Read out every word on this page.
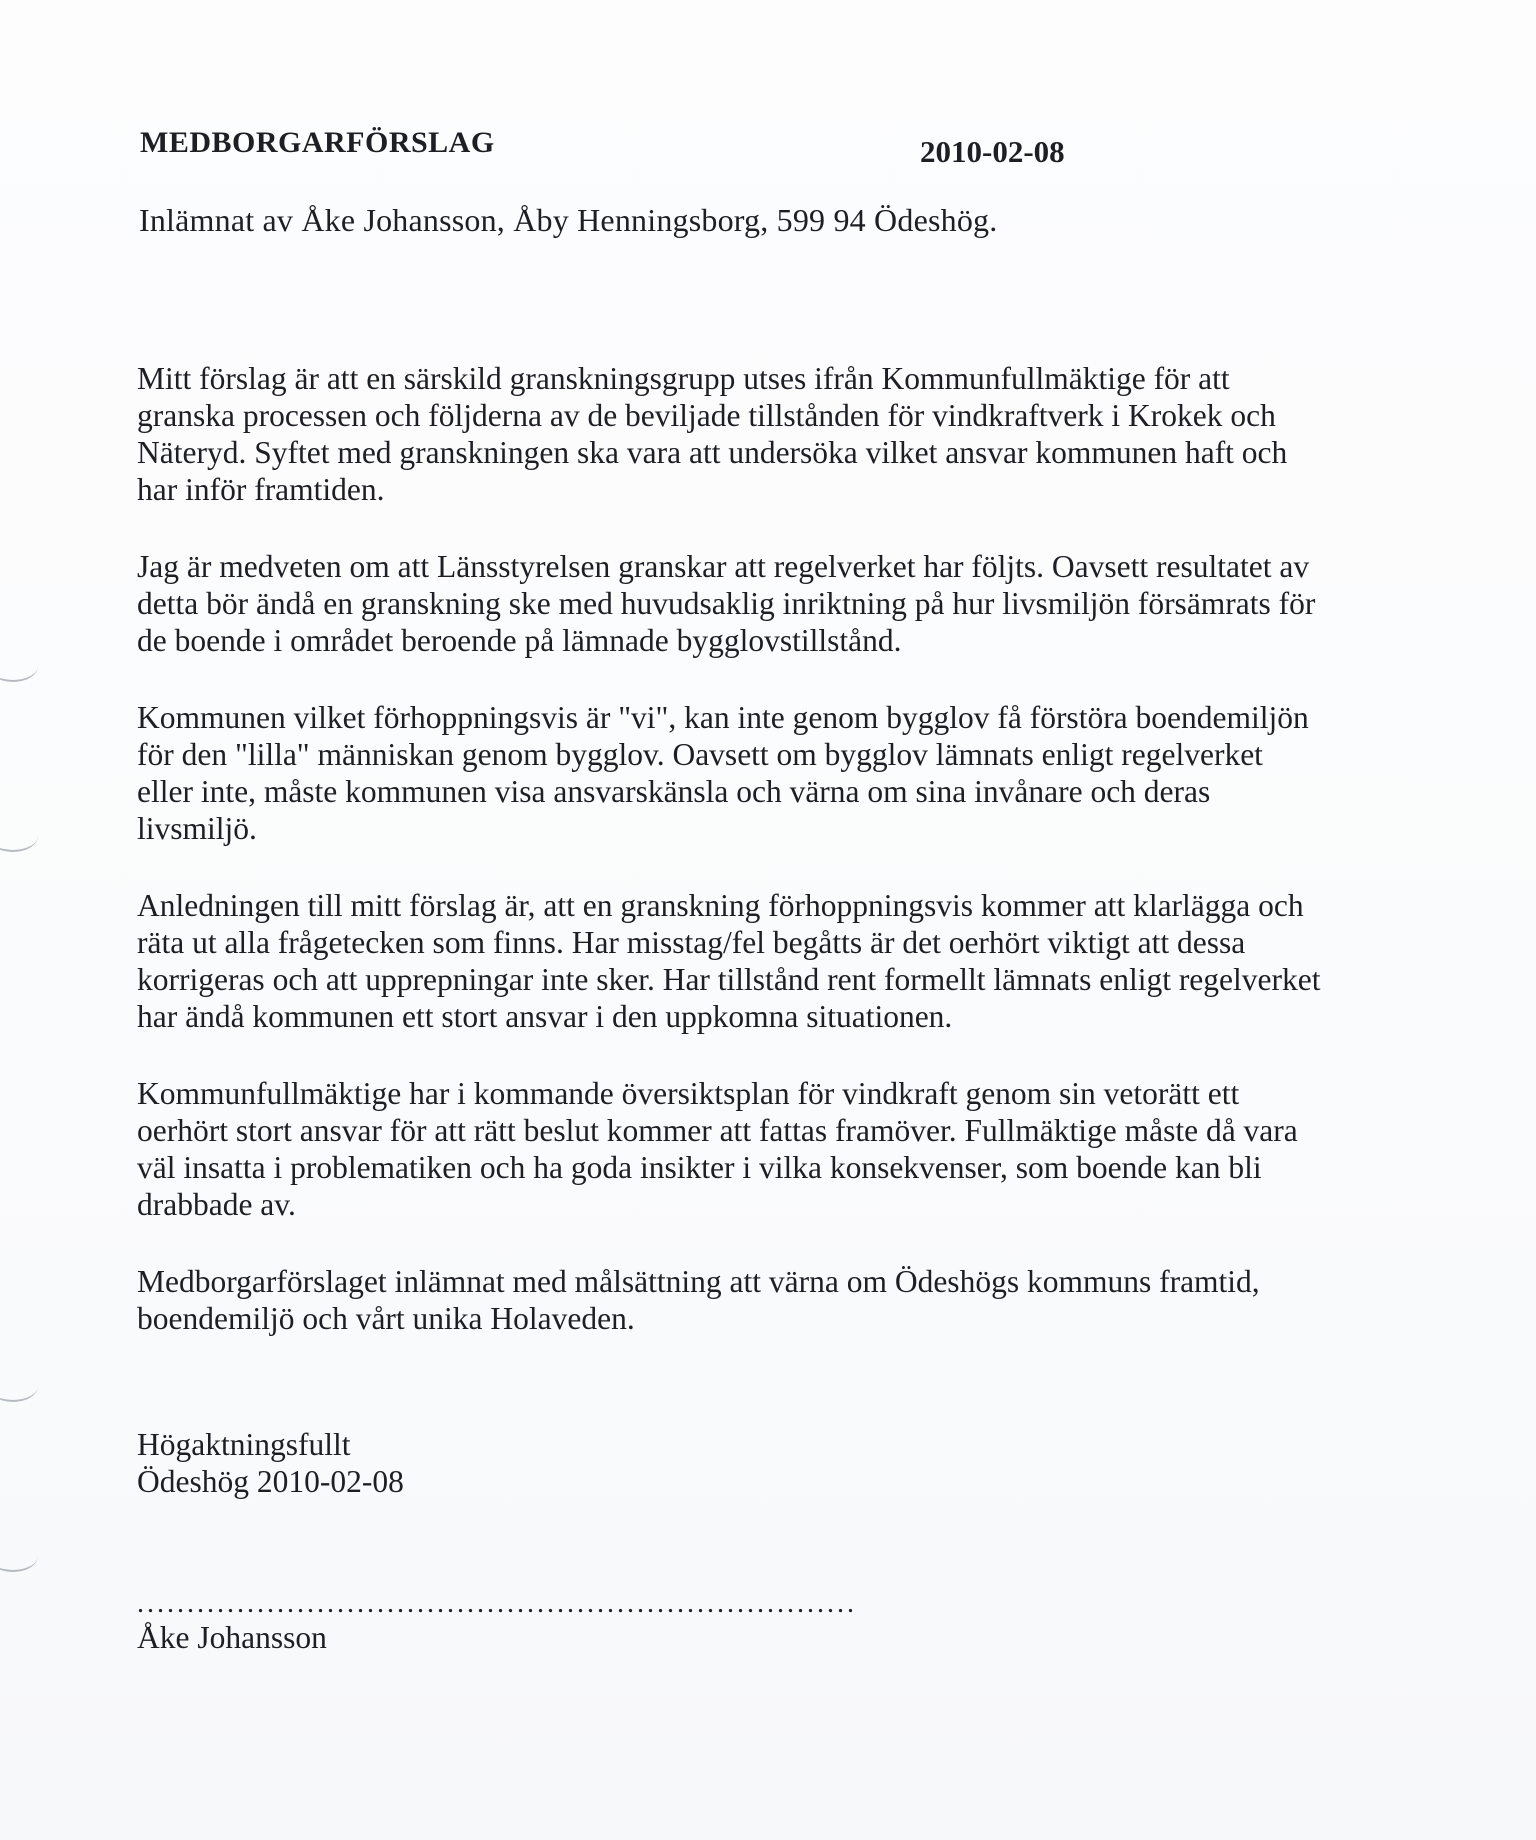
MEDBORGARFÖRSLAG	2010-02-08
Inlämnat av Åke Johansson, Åby Henningsborg, 599 94 Ödeshög.

Mitt förslag är att en särskild granskningsgrupp utses ifrån Kommunfullmäktige för att
granska processen och följderna av de beviljade tillstånden för vindkraftverk i Krokek och
Näteryd. Syftet med granskningen ska vara att undersöka vilket ansvar kommunen haft och
har inför framtiden.

Jag är medveten om att Länsstyrelsen granskar att regelverket har följts. Oavsett resultatet av
detta bör ändå en granskning ske med huvudsaklig inriktning på hur livsmiljön försämrats för
de boende i området beroende på lämnade bygglovstillstånd.

Kommunen vilket förhoppningsvis är "vi", kan inte genom bygglov få förstöra boendemiljön
för den "lilla" människan genom bygglov. Oavsett om bygglov lämnats enligt regelverket
eller inte, måste kommunen visa ansvarskänsla och värna om sina invånare och deras
livsmiljö.

Anledningen till mitt förslag är, att en granskning förhoppningsvis kommer att klarlägga och
räta ut alla frågetecken som finns. Har misstag/fel begåtts är det oerhört viktigt att dessa
korrigeras och att upprepningar inte sker. Har tillstånd rent formellt lämnats enligt regelverket
har ändå kommunen ett stort ansvar i den uppkomna situationen.

Kommunfullmäktige har i kommande översiktsplan för vindkraft genom sin vetorätt ett
oerhört stort ansvar för att rätt beslut kommer att fattas framöver. Fullmäktige måste då vara
väl insatta i problematiken och ha goda insikter i vilka konsekvenser, som boende kan bli
drabbade av.

Medborgarförslaget inlämnat med målsättning att värna om Ödeshögs kommuns framtid,
boendemiljö och vårt unika Holaveden.

Högaktningsfullt
Ödeshög 2010-02-08
........................................................................
Åke Johansson
